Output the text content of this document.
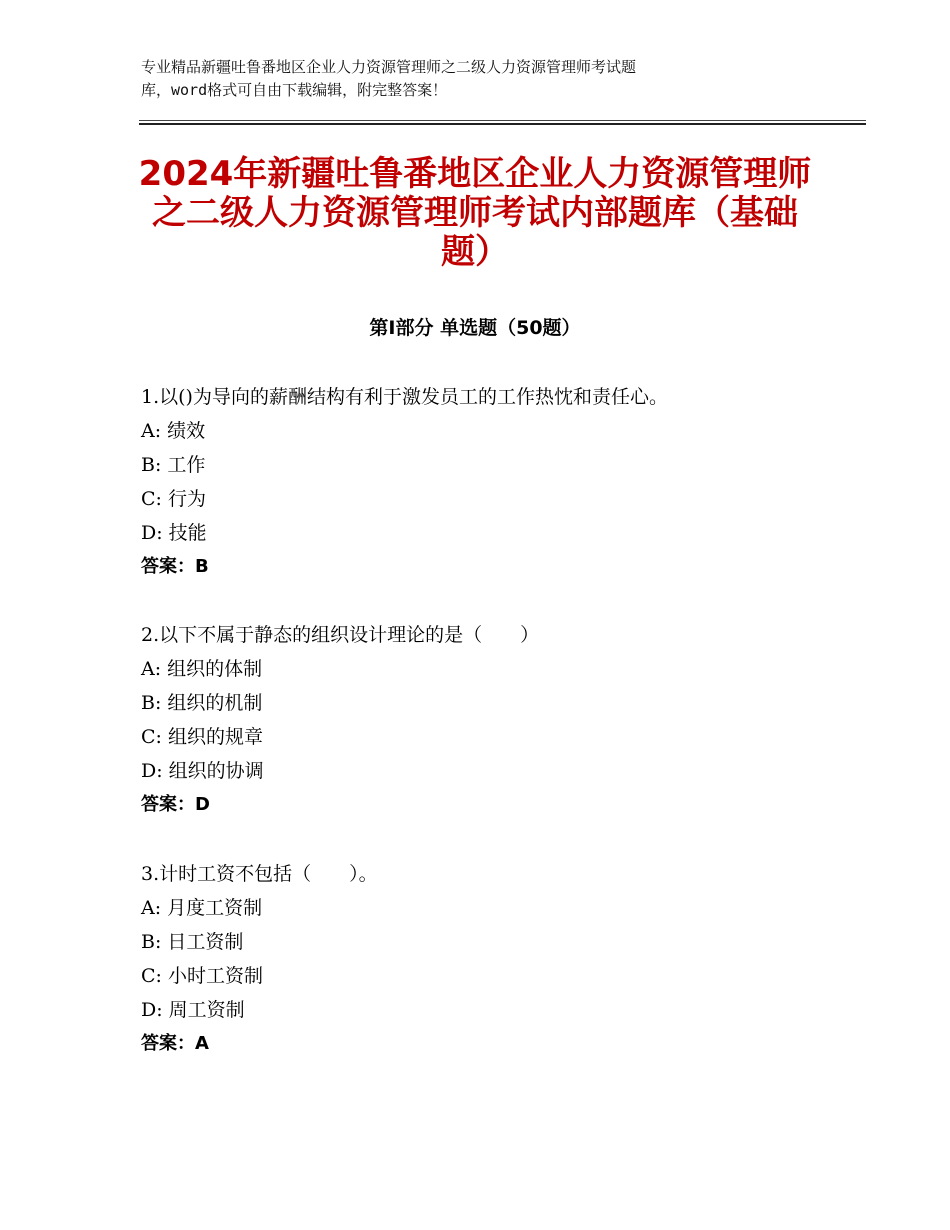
专业精品新疆吐鲁番地区企业人力资源管理师之二级人力资源管理师考试题
库，word格式可自由下载编辑，附完整答案！
2024年新疆吐鲁番地区企业人力资源管理师
之二级人力资源管理师考试内部题库（基础
题）
第Ⅰ部分 单选题（50题）
1.以()为导向的薪酬结构有利于激发员工的工作热忱和责任心。
A: 绩效
B: 工作
C: 行为
D: 技能
答案：B
2.以下不属于静态的组织设计理论的是（　　）
A: 组织的体制
B: 组织的机制
C: 组织的规章
D: 组织的协调
答案：D
3.计时工资不包括（　　）。
A: 月度工资制
B: 日工资制
C: 小时工资制
D: 周工资制
答案：A
